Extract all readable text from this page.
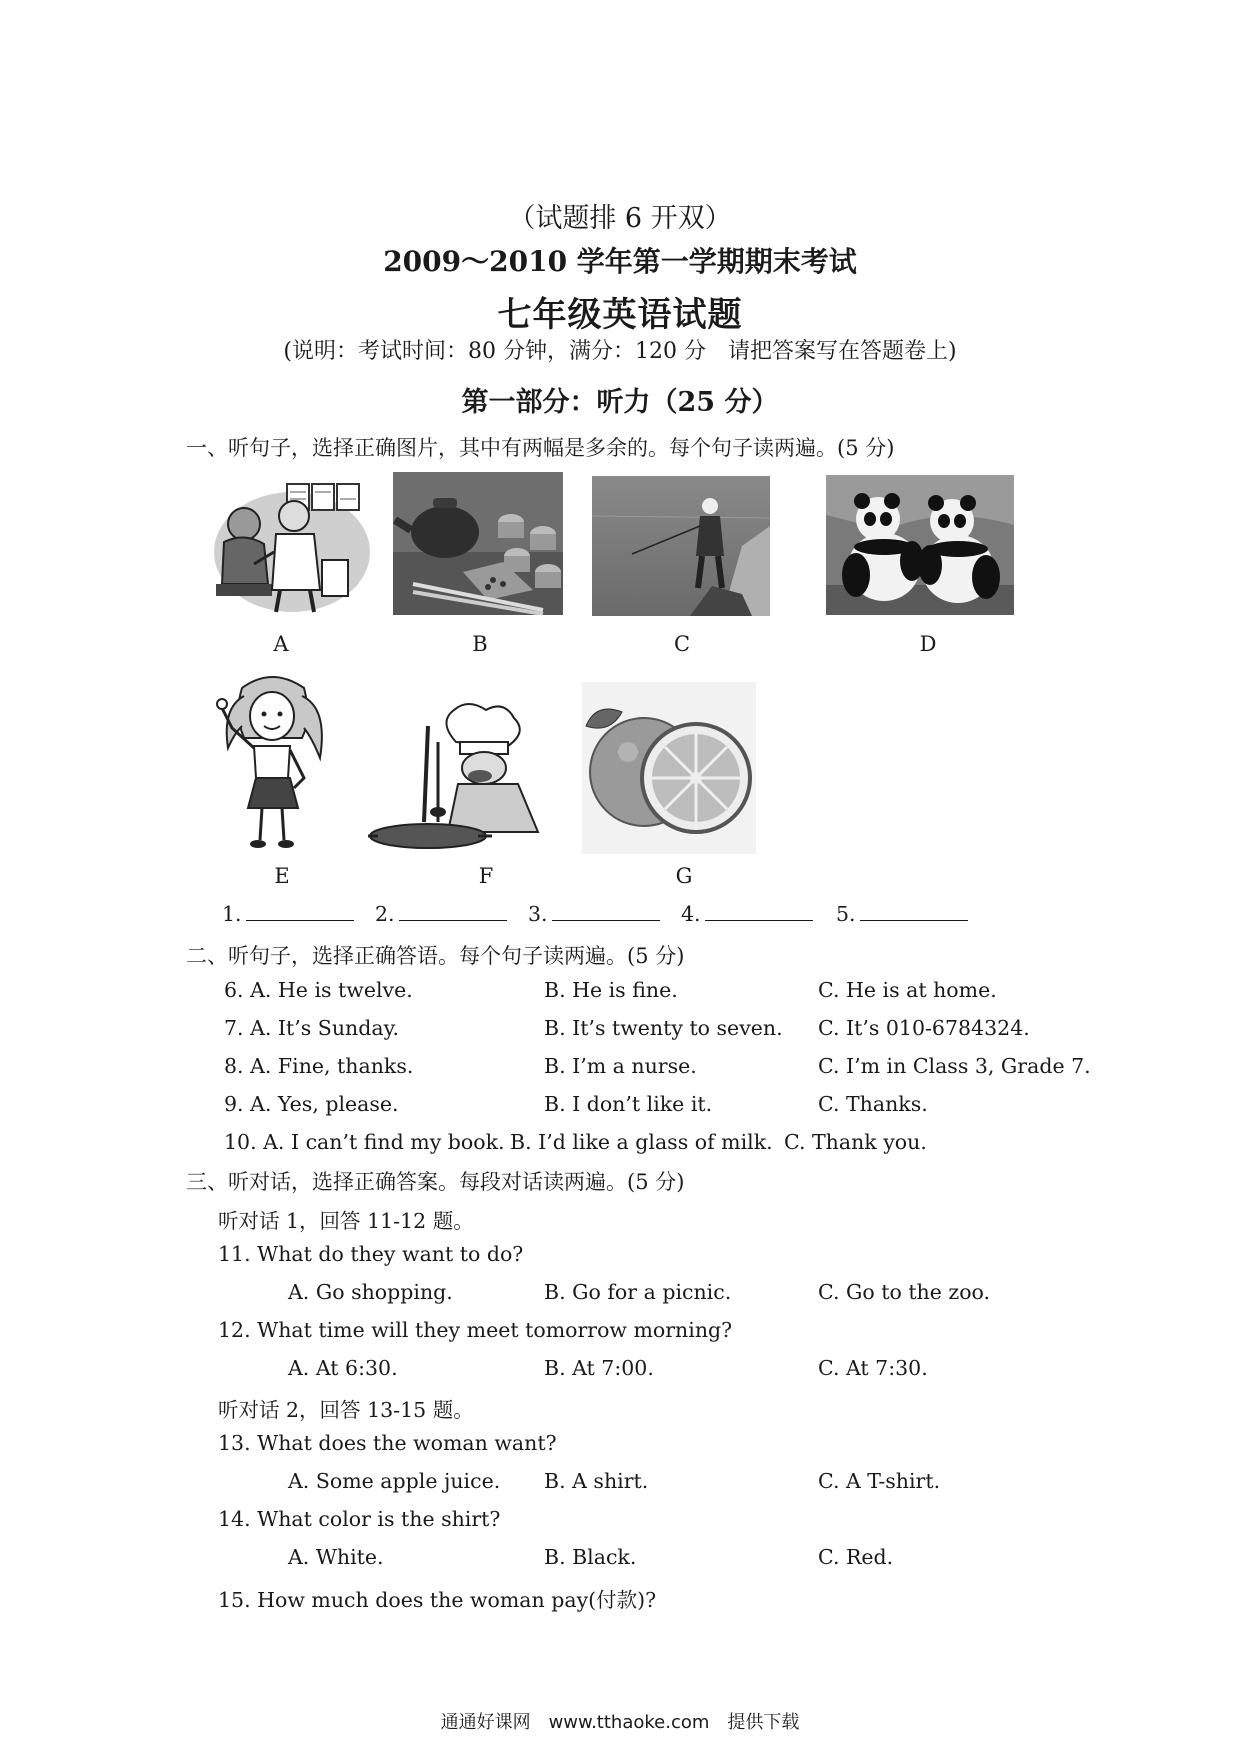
（试题排 6 开双）
2009～2010 学年第一学期期末考试
七年级英语试题
(说明：考试时间：80 分钟，满分：120 分　请把答案写在答题卷上)
第一部分：听力（25 分）
一、听句子，选择正确图片，其中有两幅是多余的。每个句子读两遍。(5 分)
A	B	C	D
E	F	G
1.	2.	3.	4.	5.
二、听句子，选择正确答语。每个句子读两遍。(5 分)
6. A. He is twelve.	B. He is fine.	C. He is at home.
7. A. It’s Sunday.	B. It’s twenty to seven. C. It’s 010-6784324.
8. A. Fine, thanks.	B. I’m a nurse.	C. I’m in Class 3, Grade 7.
9. A. Yes, please.	B. I don’t like it.	C. Thanks.
10. A. I can’t find my book. B. I’d like a glass of milk. C. Thank you.
三、听对话，选择正确答案。每段对话读两遍。(5 分)
听对话 1，回答 11-12 题。
11. What do they want to do?
A. Go shopping.	B. Go for a picnic.	C. Go to the zoo.
12. What time will they meet tomorrow morning?
A. At 6:30.	B. At 7:00.	C. At 7:30.
听对话 2，回答 13-15 题。
13. What does the woman want?
A. Some apple juice. B. A shirt.	C. A T-shirt.
14. What color is the shirt?
A. White.	B. Black.	C. Red.
15. How much does the woman pay(付款)?
通通好课网　www.tthaoke.com　提供下载
